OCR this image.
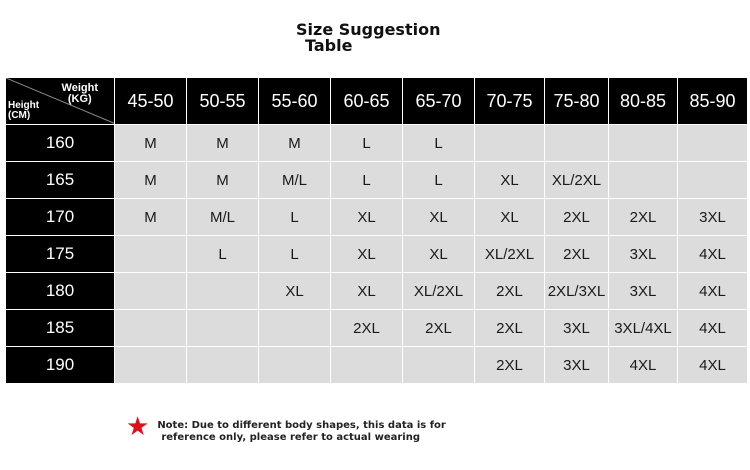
Size Suggestion
Table
Weight
(KG)
Height
(CM)	45-50	50-55	55-60	60-65	65-70	70-75	75-80	80-85	85-90
160	M	M	M	L	L				
165	M	M	M/L	L	L	XL	XL/2XL		
170	M	M/L	L	XL	XL	XL	2XL	2XL	3XL
175		L	L	XL	XL	XL/2XL	2XL	3XL	4XL
180			XL	XL	XL/2XL	2XL	2XL/3XL	3XL	4XL
185				2XL	2XL	2XL	3XL	3XL/4XL	4XL
190						2XL	3XL	4XL	4XL
★ Note: Due to different body shapes, this data is for
reference only, please refer to actual wearing
